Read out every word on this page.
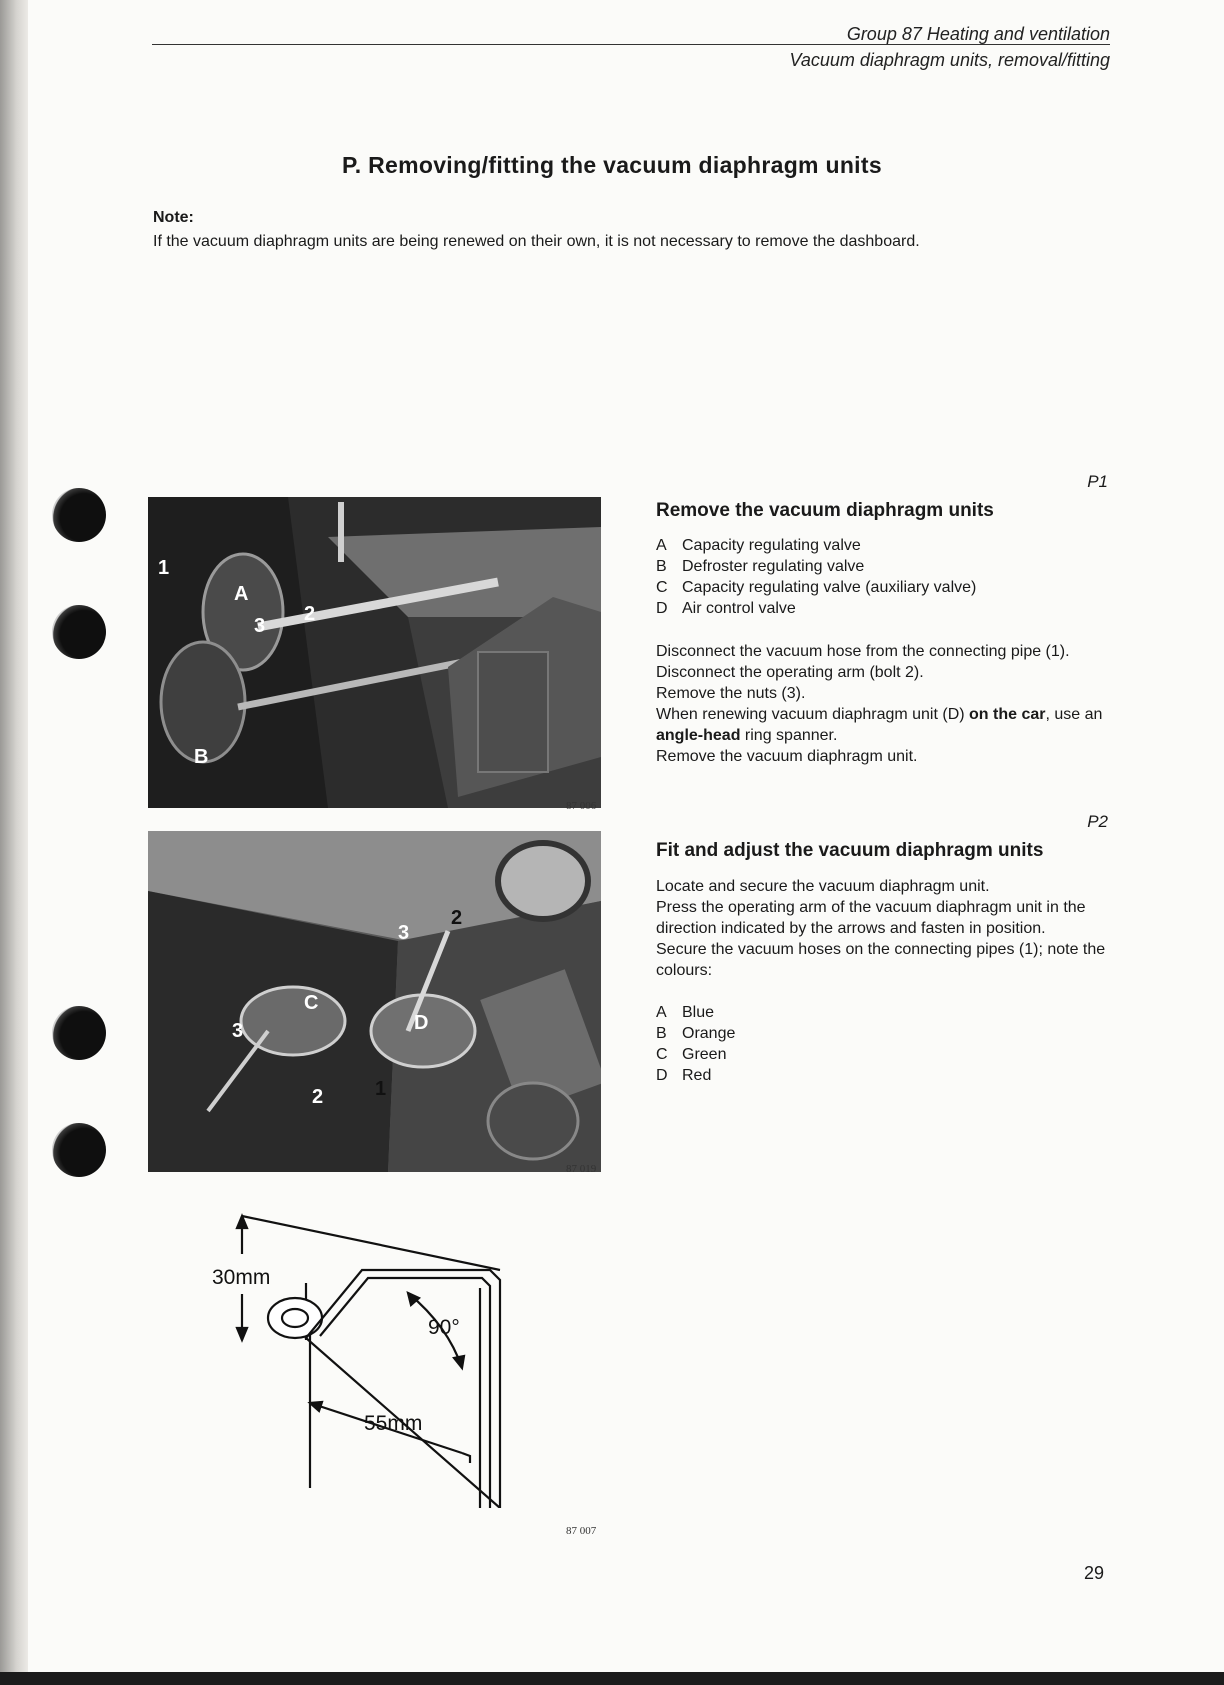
Group 87 Heating and ventilation
Vacuum diaphragm units, removal/fitting
P. Removing/fitting the vacuum diaphragm units
Note:
If the vacuum diaphragm units are being renewed on their own, it is not necessary to remove the dashboard.
1
A
3
2
B
87 006
3
2
C
D
3
1
2
87 019
30mm
90°
55mm
87 007
P1
Remove the vacuum diaphragm units
A Capacity regulating valve
B Defroster regulating valve
C Capacity regulating valve (auxiliary valve)
D Air control valve

Disconnect the vacuum hose from the connecting pipe (1).

Disconnect the operating arm (bolt 2).

Remove the nuts (3).

When renewing vacuum diaphragm unit (D) on the car, use an angle-head ring spanner.

Remove the vacuum diaphragm unit.

P2
Fit and adjust the vacuum diaphragm units

Locate and secure the vacuum diaphragm unit.

Press the operating arm of the vacuum diaphragm unit in the direction indicated by the arrows and fasten in position.

Secure the vacuum hoses on the connecting pipes (1); note the colours:

A Blue
B Orange
C Green
D Red
29
